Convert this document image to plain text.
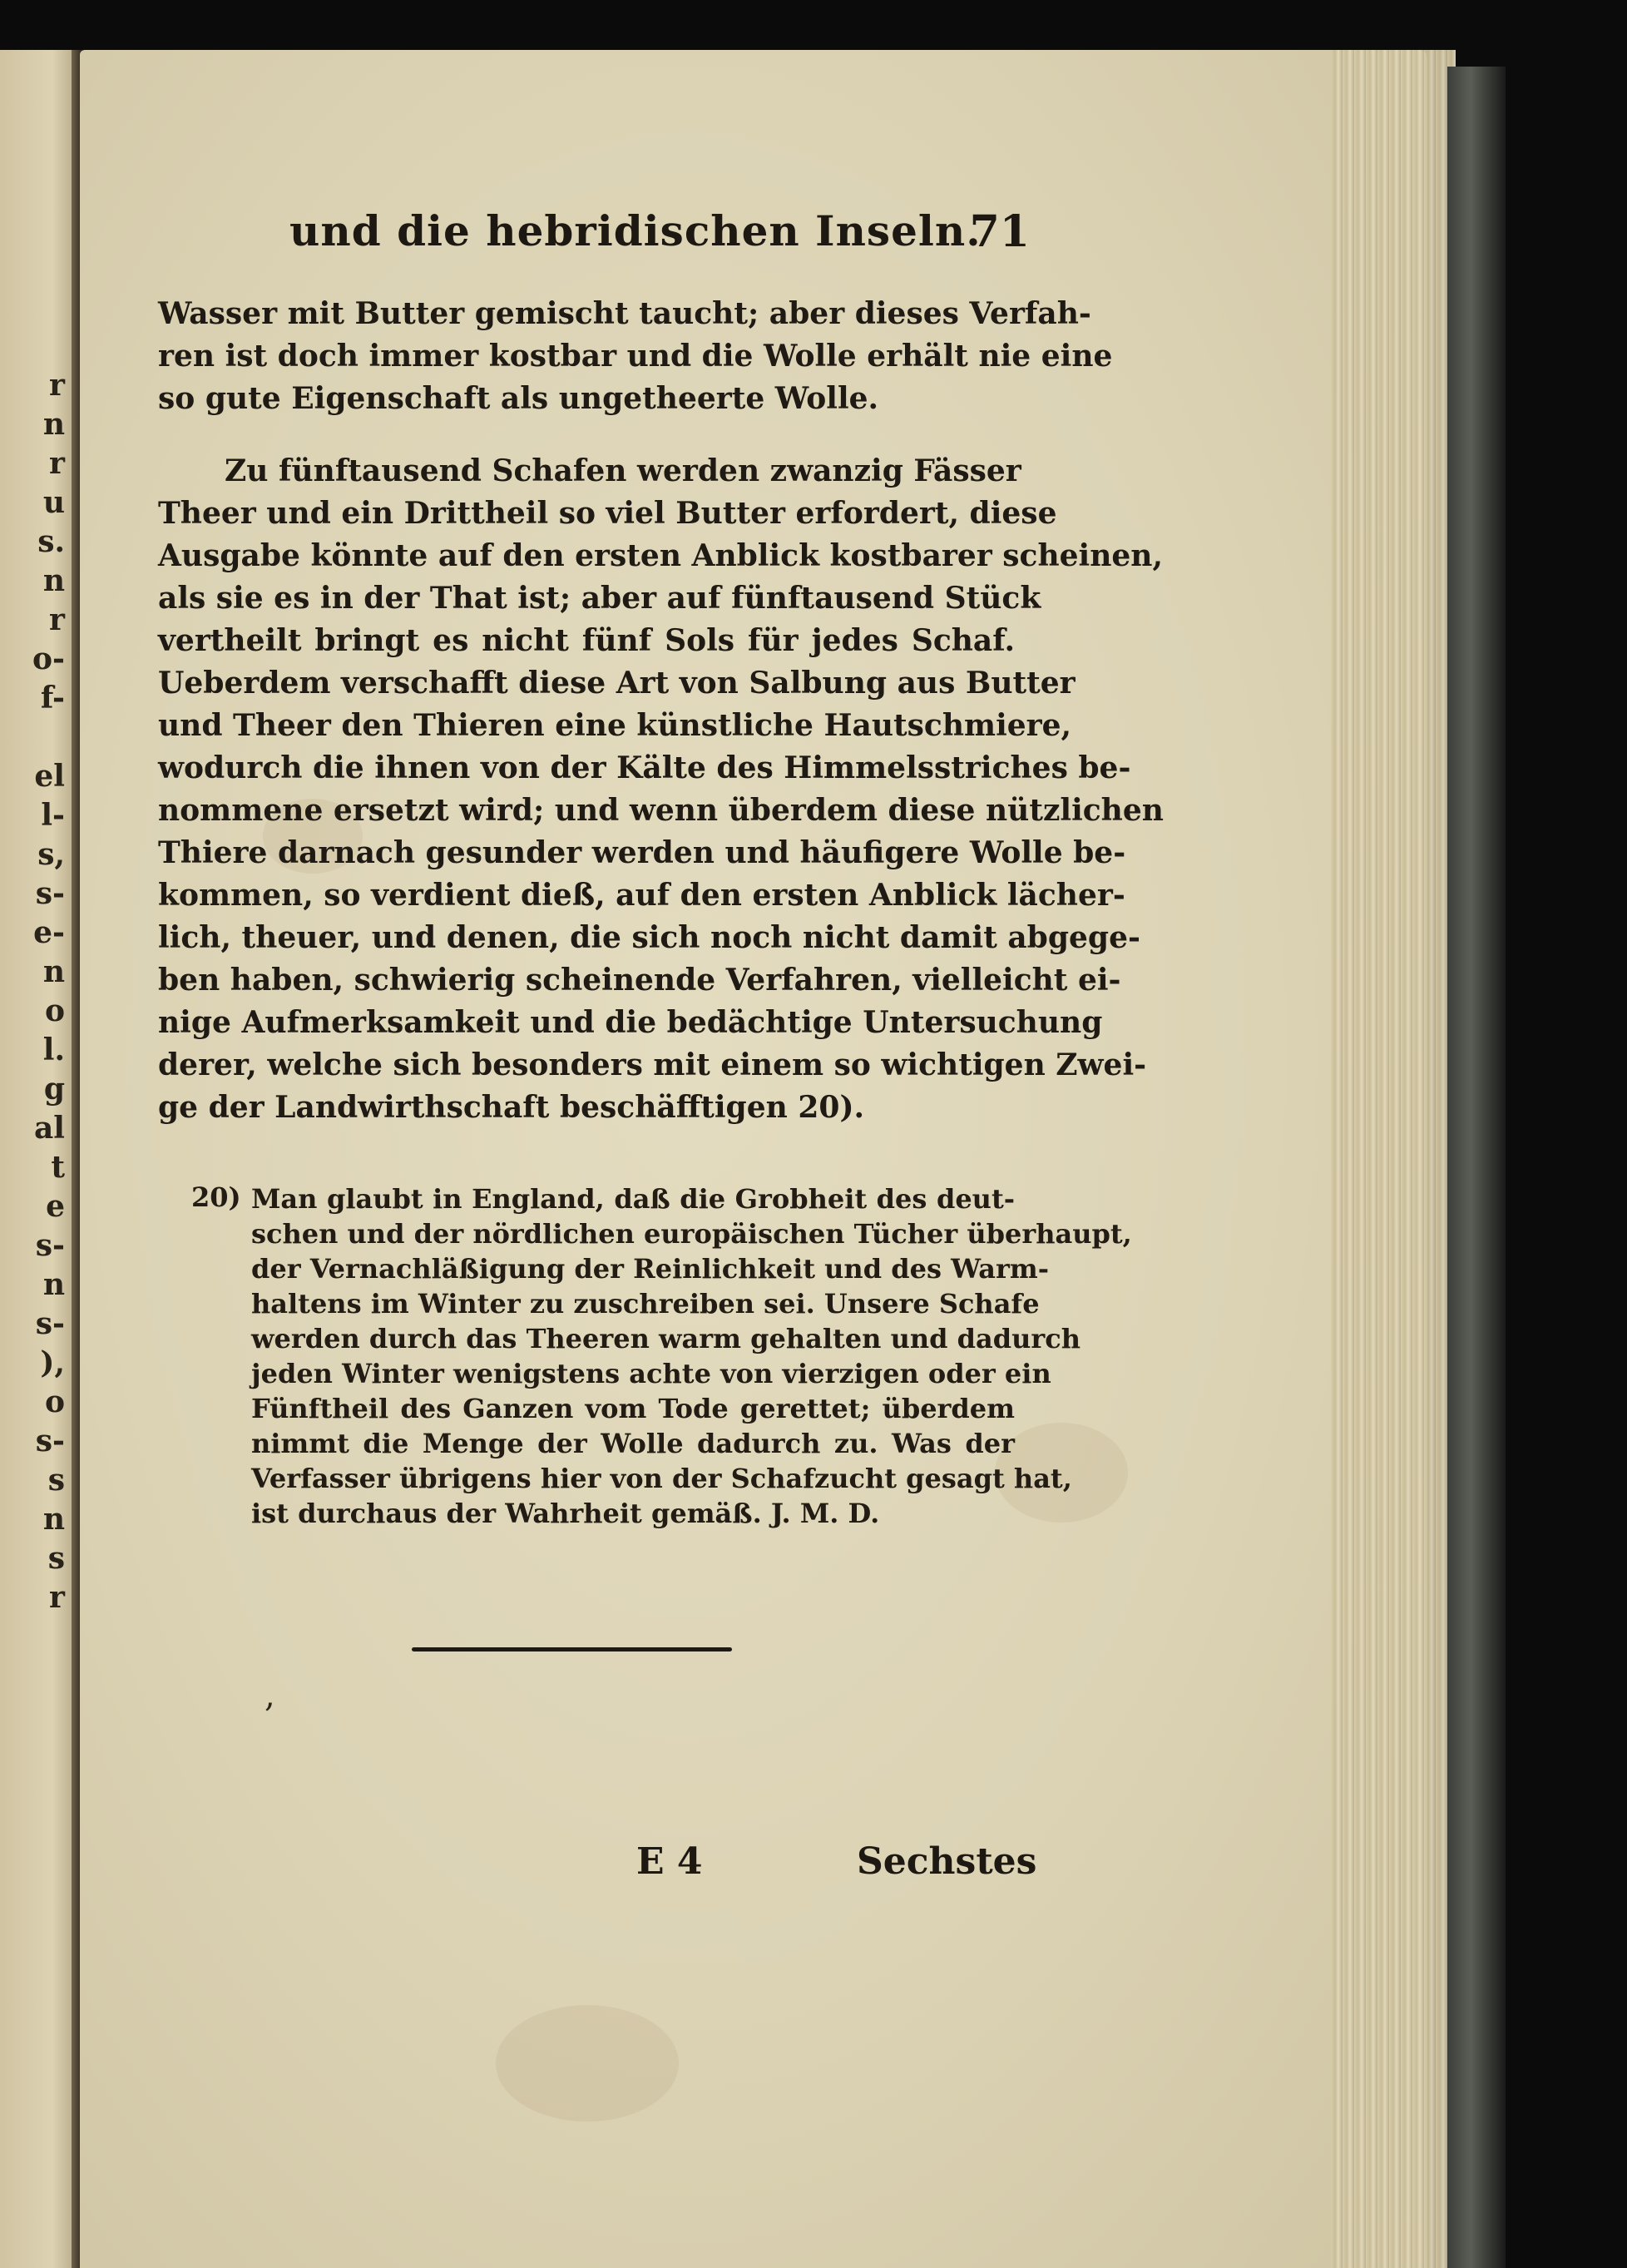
r
n
r
u
s.
n
r
o-
f-
el
l-
s,
s-
e-
n
o
l.
g
al
t
e
s-
n
s-
),
o
s-
s
n
s
r
und die hebridischen Inseln.
71
Wasser mit Butter gemischt taucht; aber dieses Verfah-
ren ist doch immer kostbar und die Wolle erhält nie eine
so gute Eigenschaft als ungetheerte Wolle.
Zu fünftausend Schafen werden zwanzig Fässer
Theer und ein Drittheil so viel Butter erfordert, diese
Ausgabe könnte auf den ersten Anblick kostbarer scheinen,
als sie es in der That ist; aber auf fünftausend Stück
vertheilt bringt es nicht fünf Sols für jedes Schaf.
Ueberdem verschafft diese Art von Salbung aus Butter
und Theer den Thieren eine künstliche Hautschmiere,
wodurch die ihnen von der Kälte des Himmelsstriches be-
nommene ersetzt wird; und wenn überdem diese nützlichen
Thiere darnach gesunder werden und häufigere Wolle be-
kommen, so verdient dieß, auf den ersten Anblick lächer-
lich, theuer, und denen, die sich noch nicht damit abgege-
ben haben, schwierig scheinende Verfahren, vielleicht ei-
nige Aufmerksamkeit und die bedächtige Untersuchung
derer, welche sich besonders mit einem so wichtigen Zwei-
ge der Landwirthschaft beschäfftigen 20).
20) Man glaubt in England, daß die Grobheit des deut-
schen und der nördlichen europäischen Tücher überhaupt,
der Vernachläßigung der Reinlichkeit und des Warm-
haltens im Winter zu zuschreiben sei. Unsere Schafe
werden durch das Theeren warm gehalten und dadurch
jeden Winter wenigstens achte von vierzigen oder ein
Fünftheil des Ganzen vom Tode gerettet; überdem
nimmt die Menge der Wolle dadurch zu. Was der
Verfasser übrigens hier von der Schafzucht gesagt hat,
ist durchaus der Wahrheit gemäß. J. M. D.
,
E 4	Sechstes
